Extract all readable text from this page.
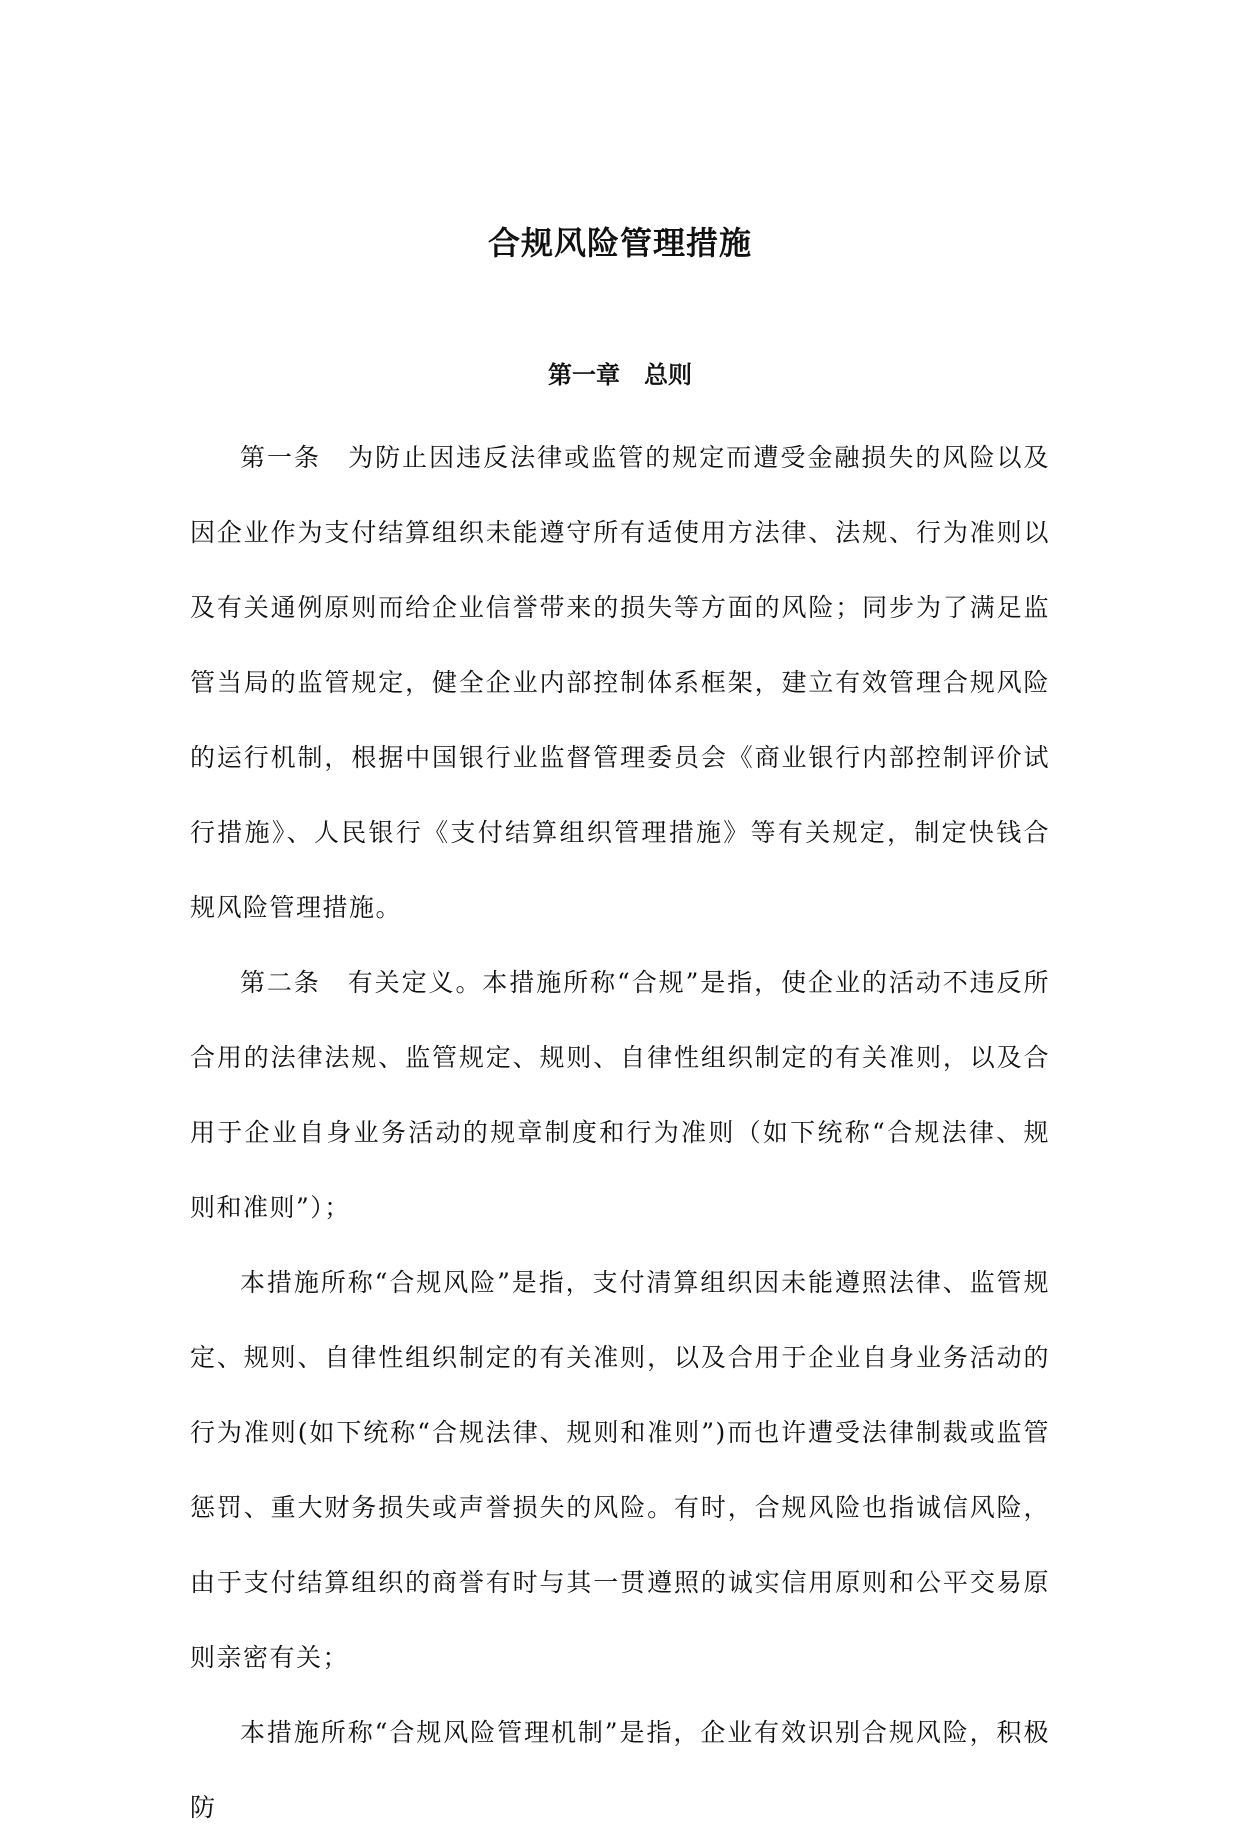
合规风险管理措施
第一章　总则

第一条　为防止因违反法律或监管的规定而遭受金融损失的风险以及因企业作为支付结算组织未能遵守所有适使用方法律、法规、行为准则以及有关通例原则而给企业信誉带来的损失等方面的风险；同步为了满足监管当局的监管规定，健全企业内部控制体系框架，建立有效管理合规风险的运行机制，根据中国银行业监督管理委员会《商业银行内部控制评价试行措施》、人民银行《支付结算组织管理措施》等有关规定，制定快钱合规风险管理措施。

第二条　有关定义。本措施所称“合规”是指，使企业的活动不违反所合用的法律法规、监管规定、规则、自律性组织制定的有关准则，以及合用于企业自身业务活动的规章制度和行为准则（如下统称“合规法律、规则和准则”）；

本措施所称“合规风险”是指，支付清算组织因未能遵照法律、监管规定、规则、自律性组织制定的有关准则，以及合用于企业自身业务活动的行为准则(如下统称“合规法律、规则和准则”)而也许遭受法律制裁或监管惩罚、重大财务损失或声誉损失的风险。有时，合规风险也指诚信风险，由于支付结算组织的商誉有时与其一贯遵照的诚实信用原则和公平交易原则亲密有关；

本措施所称“合规风险管理机制”是指，企业有效识别合规风险，积极防
